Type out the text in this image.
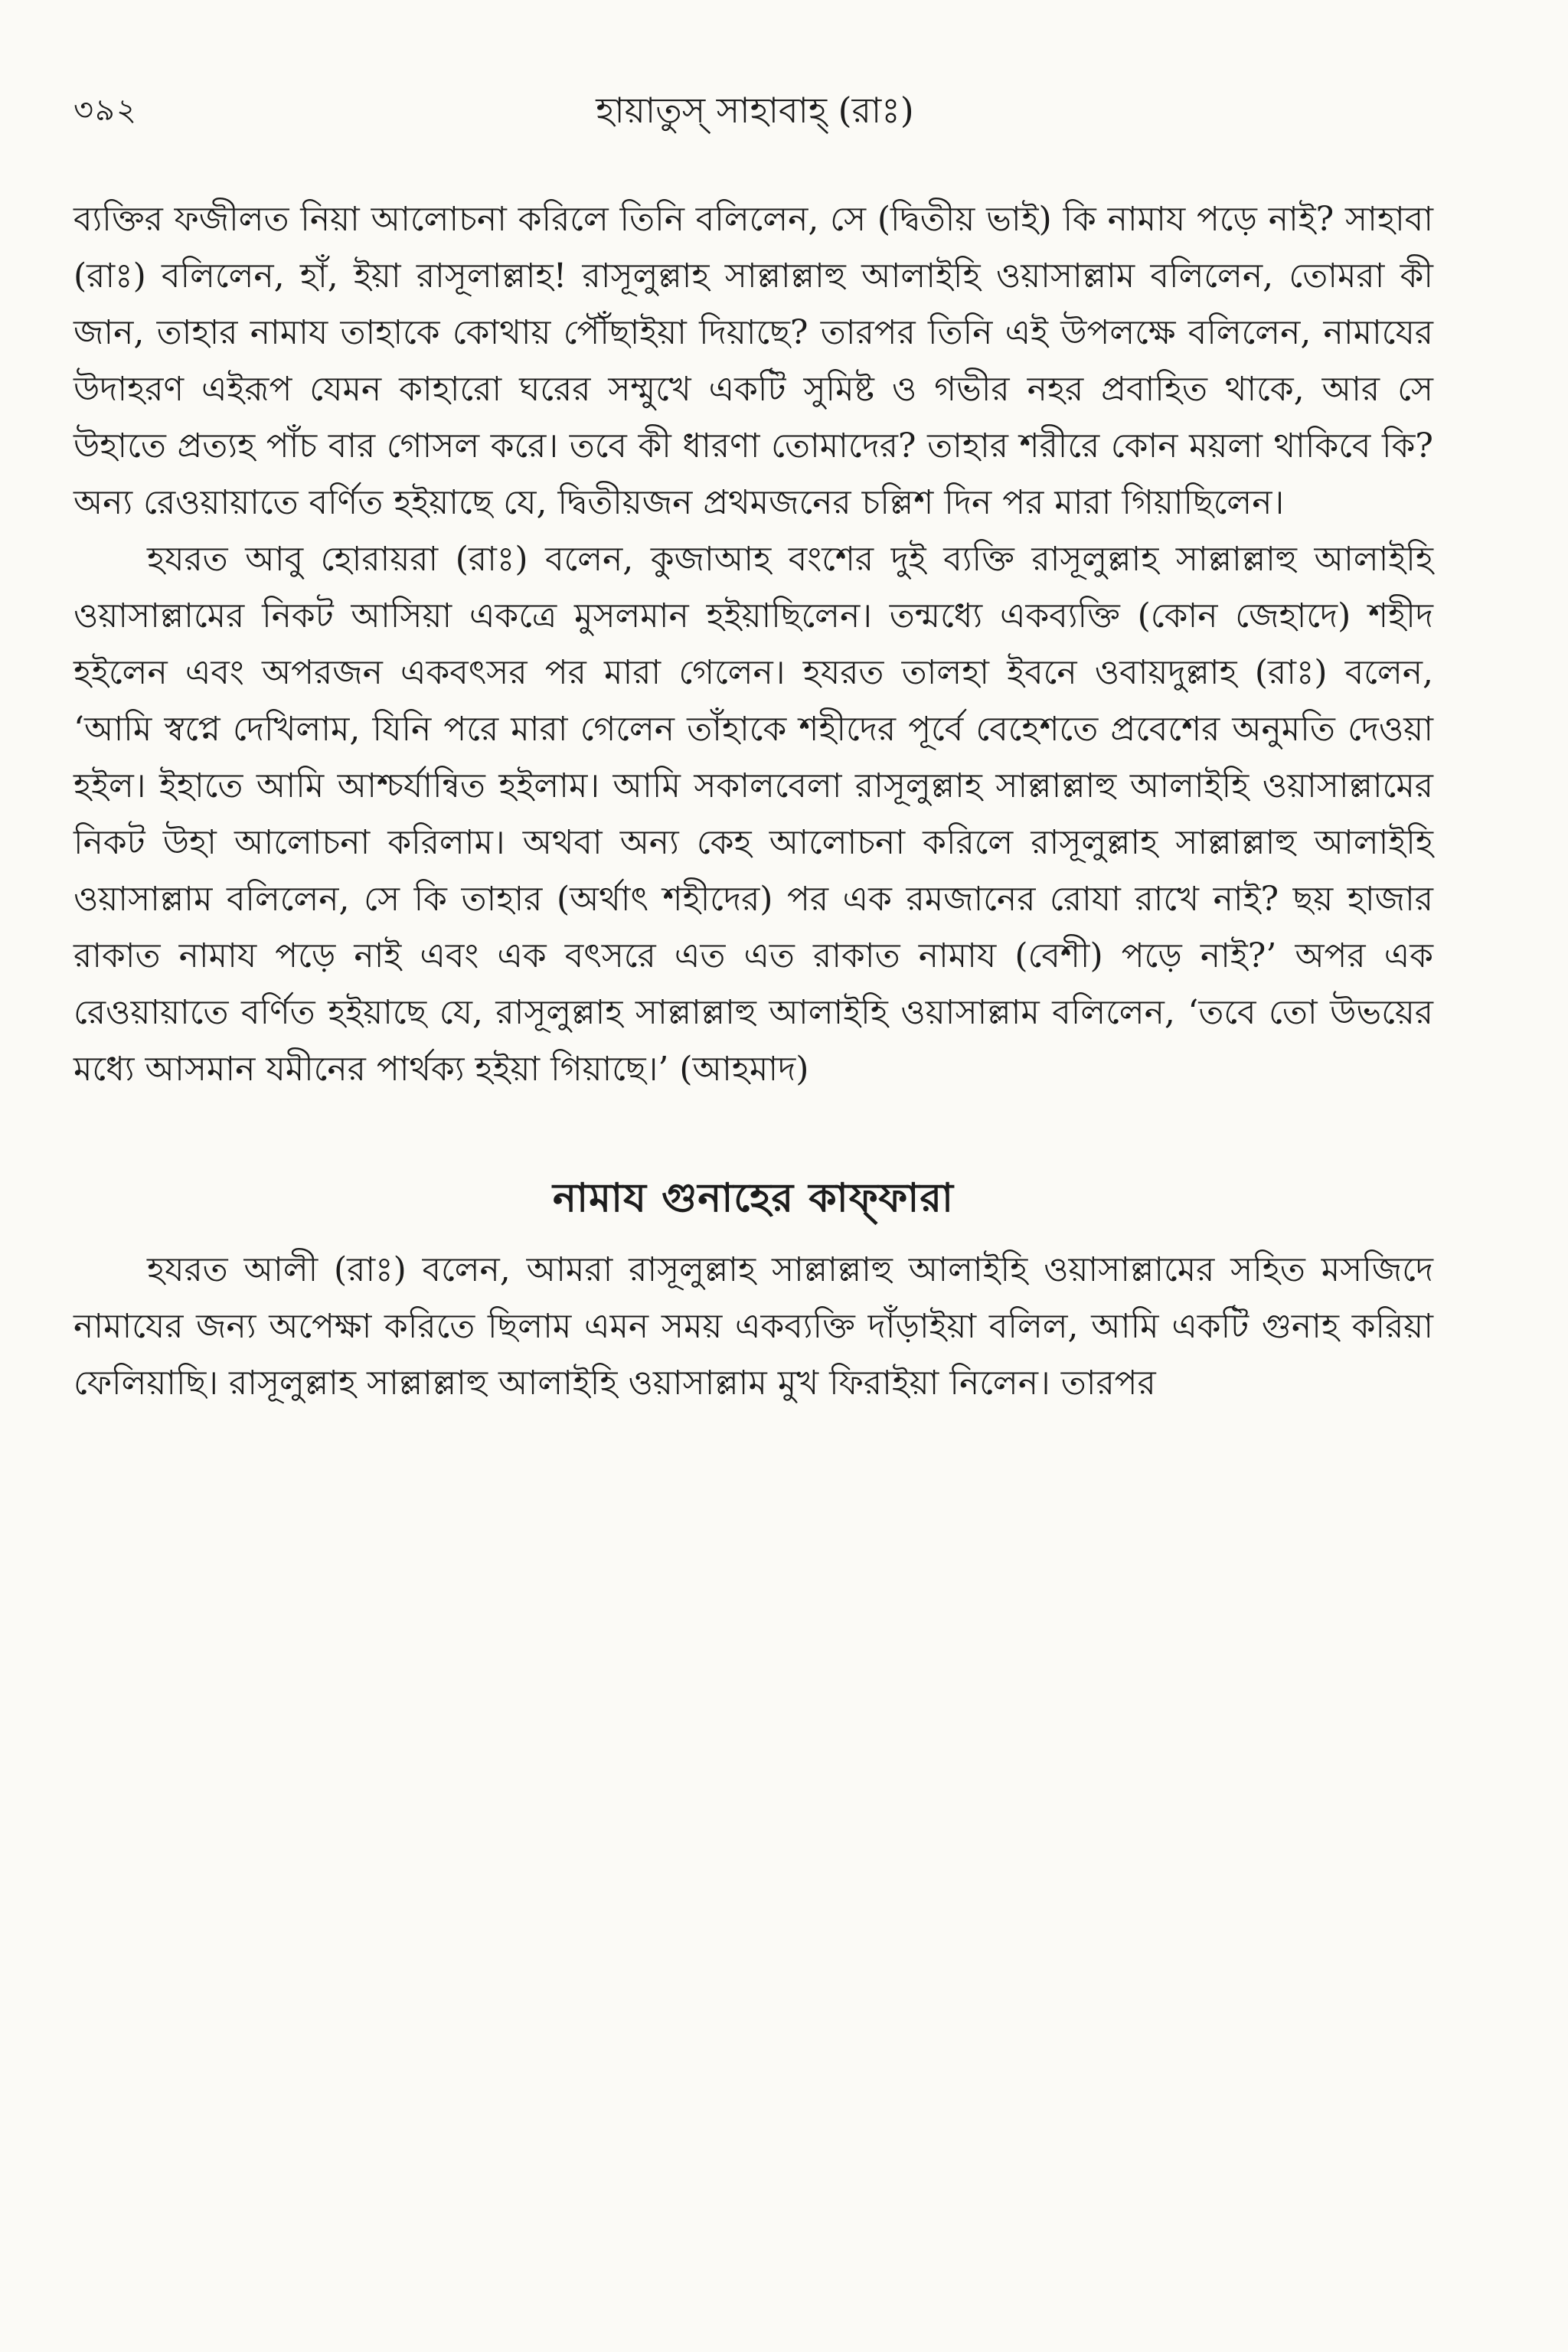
৩৯২	হায়াতুস্ সাহাবাহ্ (রাঃ)

ব্যক্তির ফজীলত নিয়া আলোচনা করিলে তিনি বলিলেন, সে (দ্বিতীয় ভাই) কি নামায পড়ে নাই? সাহাবা (রাঃ) বলিলেন, হাঁ, ইয়া রাসূলাল্লাহ! রাসূলুল্লাহ সাল্লাল্লাহু আলাইহি ওয়াসাল্লাম বলিলেন, তোমরা কী জান, তাহার নামায তাহাকে কোথায় পৌঁছাইয়া দিয়াছে? তারপর তিনি এই উপলক্ষে বলিলেন, নামাযের উদাহরণ এইরূপ যেমন কাহারো ঘরের সম্মুখে একটি সুমিষ্ট ও গভীর নহর প্রবাহিত থাকে, আর সে উহাতে প্রত্যহ পাঁচ বার গোসল করে। তবে কী ধারণা তোমাদের? তাহার শরীরে কোন ময়লা থাকিবে কি? অন্য রেওয়ায়াতে বর্ণিত হইয়াছে যে, দ্বিতীয়জন প্রথমজনের চল্লিশ দিন পর মারা গিয়াছিলেন।

হযরত আবু হোরায়রা (রাঃ) বলেন, কুজাআহ বংশের দুই ব্যক্তি রাসূলুল্লাহ সাল্লাল্লাহু আলাইহি ওয়াসাল্লামের নিকট আসিয়া একত্রে মুসলমান হইয়াছিলেন। তন্মধ্যে একব্যক্তি (কোন জেহাদে) শহীদ হইলেন এবং অপরজন একবৎসর পর মারা গেলেন। হযরত তালহা ইবনে ওবায়দুল্লাহ (রাঃ) বলেন, ‘আমি স্বপ্নে দেখিলাম, যিনি পরে মারা গেলেন তাঁহাকে শহীদের পূর্বে বেহেশতে প্রবেশের অনুমতি দেওয়া হইল। ইহাতে আমি আশ্চর্যান্বিত হইলাম। আমি সকালবেলা রাসূলুল্লাহ সাল্লাল্লাহু আলাইহি ওয়াসাল্লামের নিকট উহা আলোচনা করিলাম। অথবা অন্য কেহ আলোচনা করিলে রাসূলুল্লাহ সাল্লাল্লাহু আলাইহি ওয়াসাল্লাম বলিলেন, সে কি তাহার (অর্থাৎ শহীদের) পর এক রমজানের রোযা রাখে নাই? ছয় হাজার রাকাত নামায পড়ে নাই এবং এক বৎসরে এত এত রাকাত নামায (বেশী) পড়ে নাই?’ অপর এক রেওয়ায়াতে বর্ণিত হইয়াছে যে, রাসূলুল্লাহ সাল্লাল্লাহু আলাইহি ওয়াসাল্লাম বলিলেন, ‘তবে তো উভয়ের মধ্যে আসমান যমীনের পার্থক্য হইয়া গিয়াছে।’ (আহমাদ)

নামায গুনাহের কাফ্ফারা

হযরত আলী (রাঃ) বলেন, আমরা রাসূলুল্লাহ সাল্লাল্লাহু আলাইহি ওয়াসাল্লামের সহিত মসজিদে নামাযের জন্য অপেক্ষা করিতে ছিলাম এমন সময় একব্যক্তি দাঁড়াইয়া বলিল, আমি একটি গুনাহ করিয়া ফেলিয়াছি। রাসূলুল্লাহ সাল্লাল্লাহু আলাইহি ওয়াসাল্লাম মুখ ফিরাইয়া নিলেন। তারপর
